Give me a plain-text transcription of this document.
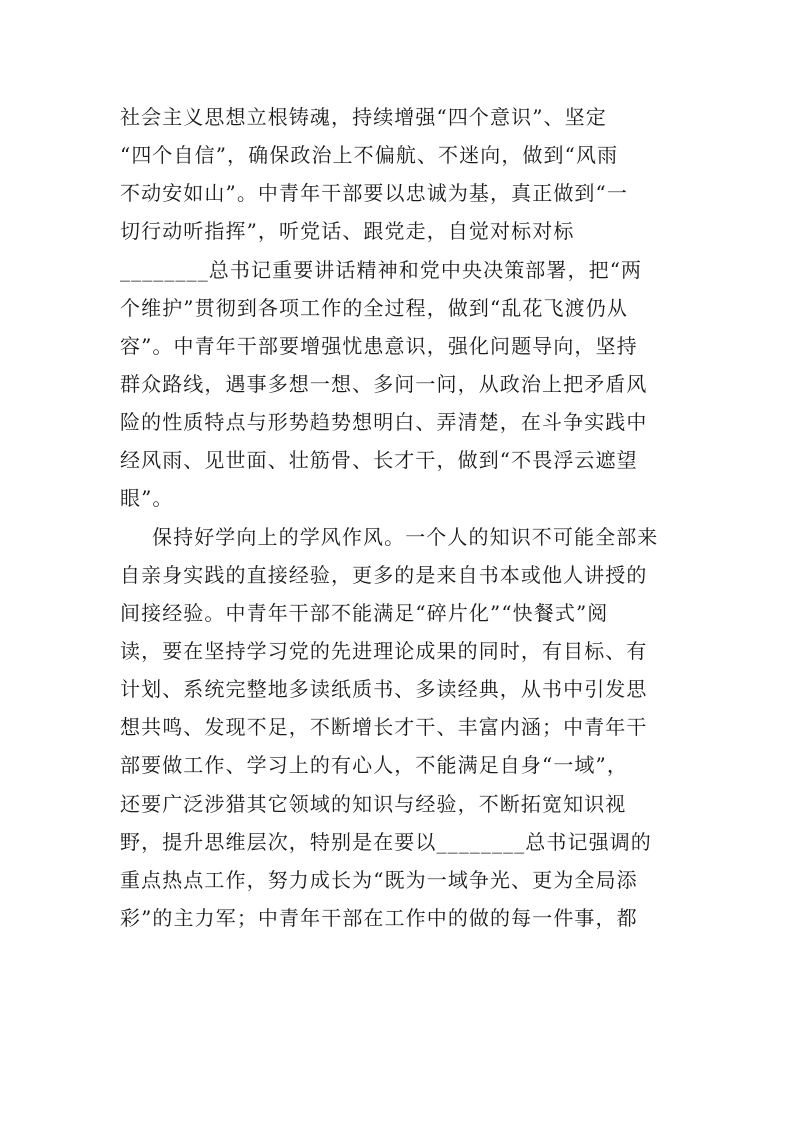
社会主义思想立根铸魂，持续增强“四个意识”、坚定
“四个自信”，确保政治上不偏航、不迷向，做到“风雨
不动安如山”。中青年干部要以忠诚为基，真正做到“一
切行动听指挥”，听党话、跟党走，自觉对标对标
________总书记重要讲话精神和党中央决策部署，把“两
个维护”贯彻到各项工作的全过程，做到“乱花飞渡仍从
容”。中青年干部要增强忧患意识，强化问题导向，坚持
群众路线，遇事多想一想、多问一问，从政治上把矛盾风
险的性质特点与形势趋势想明白、弄清楚，在斗争实践中
经风雨、见世面、壮筋骨、长才干，做到“不畏浮云遮望
眼”。
保持好学向上的学风作风。一个人的知识不可能全部来
自亲身实践的直接经验，更多的是来自书本或他人讲授的
间接经验。中青年干部不能满足“碎片化”“快餐式”阅
读，要在坚持学习党的先进理论成果的同时，有目标、有
计划、系统完整地多读纸质书、多读经典，从书中引发思
想共鸣、发现不足，不断增长才干、丰富内涵；中青年干
部要做工作、学习上的有心人，不能满足自身“一域”，
还要广泛涉猎其它领域的知识与经验，不断拓宽知识视
野，提升思维层次，特别是在要以________总书记强调的
重点热点工作，努力成长为“既为一域争光、更为全局添
彩”的主力军；中青年干部在工作中的做的每一件事，都
